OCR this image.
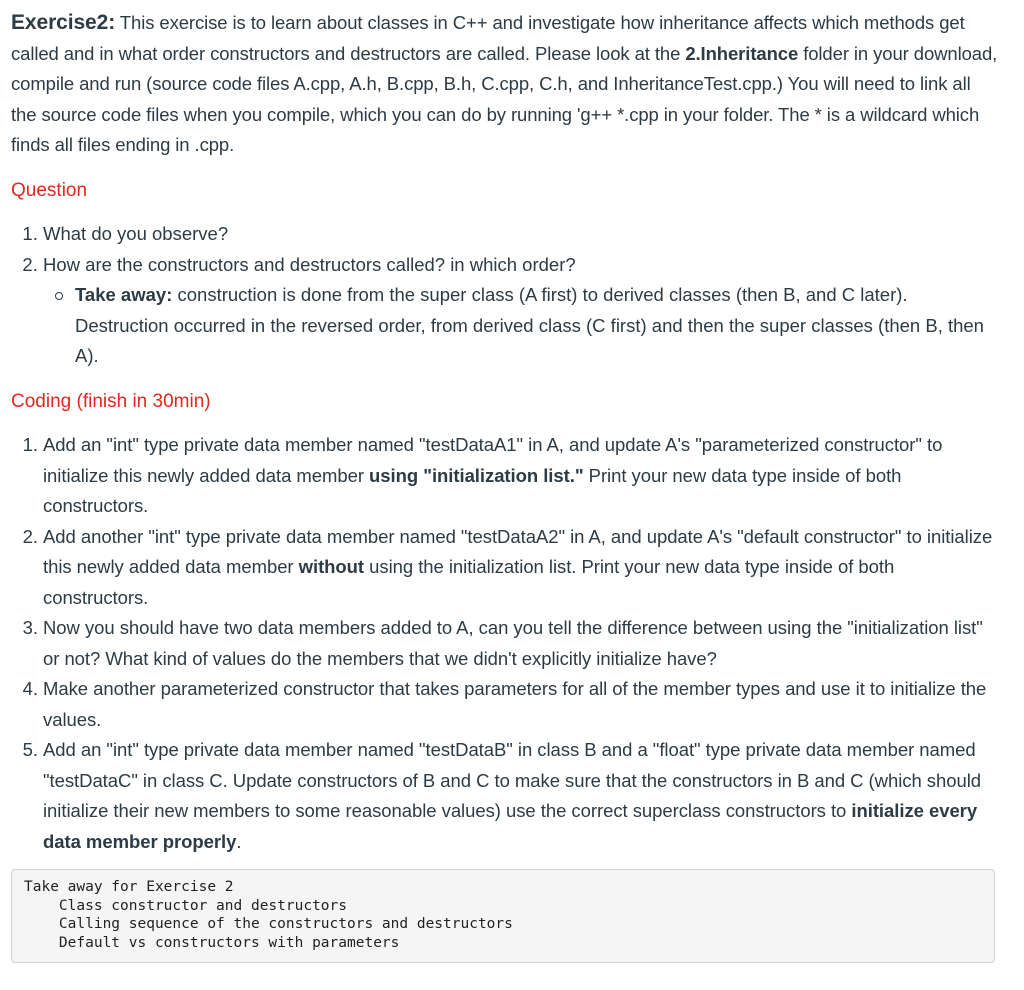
Exercise2: This exercise is to learn about classes in C++ and investigate how inheritance affects which methods get called and in what order constructors and destructors are called. Please look at the 2.Inheritance folder in your download, compile and run (source code files A.cpp, A.h, B.cpp, B.h, C.cpp, C.h, and InheritanceTest.cpp.) You will need to link all the source code files when you compile, which you can do by running 'g++ *.cpp in your folder. The * is a wildcard which finds all files ending in .cpp.

Question

1. What do you observe?
2. How are the constructors and destructors called? in which order?
Take away: construction is done from the super class (A first) to derived classes (then B, and C later). Destruction occurred in the reversed order, from derived class (C first) and then the super classes (then B, then A).

Coding (finish in 30min)

1. Add an "int" type private data member named "testDataA1" in A, and update A's "parameterized constructor" to initialize this newly added data member using "initialization list." Print your new data type inside of both constructors.
2. Add another "int" type private data member named "testDataA2" in A, and update A's "default constructor" to initialize this newly added data member without using the initialization list. Print your new data type inside of both constructors.
3. Now you should have two data members added to A, can you tell the difference between using the "initialization list" or not? What kind of values do the members that we didn't explicitly initialize have?
4. Make another parameterized constructor that takes parameters for all of the member types and use it to initialize the values.
5. Add an "int" type private data member named "testDataB" in class B and a "float" type private data member named "testDataC" in class C. Update constructors of B and C to make sure that the constructors in B and C (which should initialize their new members to some reasonable values) use the correct superclass constructors to initialize every data member properly.
Take away for Exercise 2
Class constructor and destructors
Calling sequence of the constructors and destructors
Default vs constructors with parameters
